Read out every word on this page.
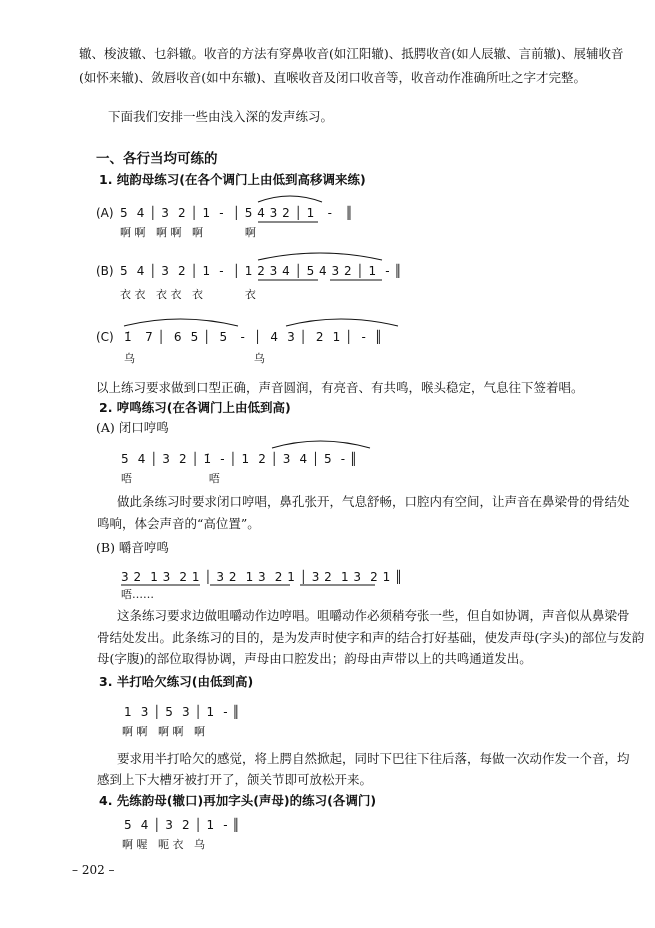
辙、梭波辙、乜斜辙。收音的方法有穿鼻收音(如江阳辙)、抵腭收音(如人辰辙、言前辙)、展辅收音
(如怀来辙)、敛唇收音(如中东辙)、直喉收音及闭口收音等，收音动作准确所吐之字才完整。
下面我们安排一些由浅入深的发声练习。
一、各行当均可练的
1. 纯韵母练习(在各个调门上由低到高移调来练)
(A) 5  4 │ 3  2 │ 1  -  │ 5 4 3 2 │ 1   -   ║
啊 啊   啊 啊   啊            啊
(B) 5  4 │ 3  2 │ 1  -  │ 1 2 3 4 │ 5 4 3 2 │ 1  - ║
衣 衣   衣 衣   衣            衣
(C) 1̇   7 │  6  5 │  5   -  │  4  3 │  2  1 │  -  ║
乌                                  乌
以上练习要求做到口型正确，声音圆润，有亮音、有共鸣，喉头稳定，气息往下签着唱。
2. 哼鸣练习(在各调门上由低到高)
(A) 闭口哼鸣
5  4 │ 3  2 │ 1̇  - │ 1  2 │ 3  4 │ 5  - ║
唔                      唔
做此条练习时要求闭口哼唱，鼻孔张开，气息舒畅，口腔内有空间，让声音在鼻梁骨的骨结处
鸣响，体会声音的“高位置”。
(B) 嚼音哼鸣
3 2  1 3  2 1 │ 3 2  1 3  2 1 │ 3 2  1 3  2 1 ║
唔……
这条练习要求边做咀嚼动作边哼唱。咀嚼动作必须稍夸张一些，但自如协调，声音似从鼻梁骨
骨结处发出。此条练习的目的，是为发声时使字和声的结合打好基础，使发声母(字头)的部位与发韵
母(字腹)的部位取得协调，声母由口腔发出；韵母由声带以上的共鸣通道发出。
3. 半打哈欠练习(由低到高)
1  3 │ 5  3 │ 1  - ║
啊 啊   啊 啊   啊
要求用半打哈欠的感觉，将上腭自然掀起，同时下巴往下往后落，每做一次动作发一个音，均
感到上下大槽牙被打开了，颌关节即可放松开来。
4. 先练韵母(辙口)再加字头(声母)的练习(各调门)
5  4 │ 3  2 │ 1  - ║
啊 喔   呃 衣   乌
– 202 –
